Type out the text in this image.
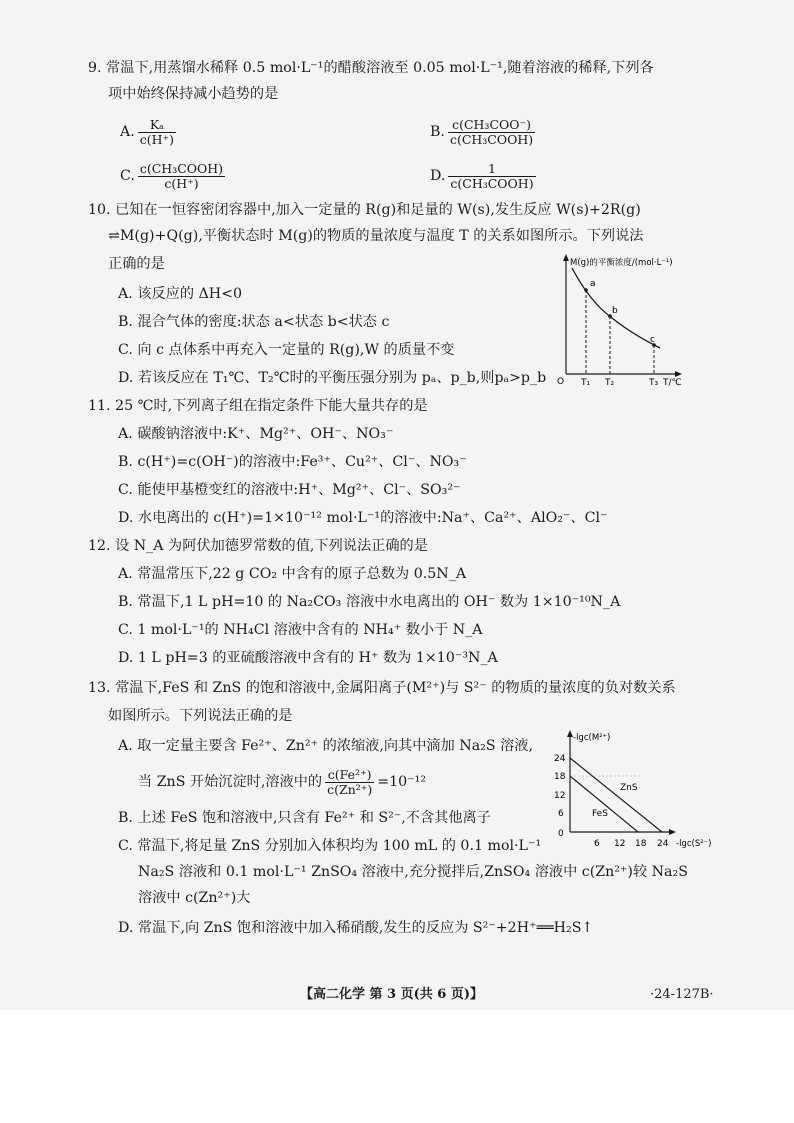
9. 常温下,用蒸馏水稀释 0.5 mol·L⁻¹的醋酸溶液至 0.05 mol·L⁻¹,随着溶液的稀释,下列各
项中始终保持减小趋势的是
A. $\frac{\text{Kₐ}}{c(H^+)}$	B. $\frac{\text{c(CH₃COO⁻)}}{\text{c(CH₃COOH)}}$
C. $\frac{\text{c(CH₃COOH)}}{c(H^+)}$	D. $\frac{1}{\text{c(CH₃COOH)}}$
10. 已知在一恒容密闭容器中,加入一定量的 R(g)和足量的 W(s),发生反应 W(s)+2R(g)
⇌M(g)+Q(g),平衡状态时 M(g)的物质的量浓度与温度 T 的关系如图所示。下列说法
正确的是
A. 该反应的 ΔH<0
B. 混合气体的密度:状态 a<状态 b<状态 c
C. 向 c 点体系中再充入一定量的 R(g),W 的质量不变
D. 若该反应在 T₁℃、T₂℃时的平衡压强分别为 pₐ、p_b,则pₐ>p_b
M(g)的平衡浓度/(mol·L⁻¹)
a
b
c
O T₁ T₂	T₃ T/℃
11. 25 ℃时,下列离子组在指定条件下能大量共存的是
A. 碳酸钠溶液中:K⁺、Mg²⁺、OH⁻、NO₃⁻
B. c(H⁺)=c(OH⁻)的溶液中:Fe³⁺、Cu²⁺、Cl⁻、NO₃⁻
C. 能使甲基橙变红的溶液中:H⁺、Mg²⁺、Cl⁻、SO₃²⁻
D. 水电离出的 c(H⁺)=1×10⁻¹² mol·L⁻¹的溶液中:Na⁺、Ca²⁺、AlO₂⁻、Cl⁻
12. 设 N_A 为阿伏加德罗常数的值,下列说法正确的是
A. 常温常压下,22 g CO₂ 中含有的原子总数为 0.5N_A
B. 常温下,1 L pH=10 的 Na₂CO₃ 溶液中水电离出的 OH⁻ 数为 1×10⁻¹⁰N_A
C. 1 mol·L⁻¹的 NH₄Cl 溶液中含有的 NH₄⁺ 数小于 N_A
D. 1 L pH=3 的亚硫酸溶液中含有的 H⁺ 数为 1×10⁻³N_A
13. 常温下,FeS 和 ZnS 的饱和溶液中,金属阳离子(M²⁺)与 S²⁻ 的物质的量浓度的负对数关系
如图所示。下列说法正确的是
A. 取一定量主要含 Fe²⁺、Zn²⁺ 的浓缩液,向其中滴加 Na₂S 溶液,
当 ZnS 开始沉淀时,溶液中的 $\frac{\text{c(Fe²⁺)}}{\text{c(Zn²⁺)}} =10^{-12}$
B. 上述 FeS 饱和溶液中,只含有 Fe²⁺ 和 S²⁻,不含其他离子
C. 常温下,将足量 ZnS 分别加入体积均为 100 mL 的 0.1 mol·L⁻¹
Na₂S 溶液和 0.1 mol·L⁻¹ ZnSO₄ 溶液中,充分搅拌后,ZnSO₄ 溶液中 c(Zn²⁺)较 Na₂S
溶液中 c(Zn²⁺)大
D. 常温下,向 ZnS 饱和溶液中加入稀硝酸,发生的反应为 S²⁻+2H⁺══H₂S↑
-lgc(M²⁺)
24
18
12
6
0
6 12 18 24 -lgc(S²⁻)
ZnS
FeS
【高二化学 第 3 页(共 6 页)】	·24-127B·
